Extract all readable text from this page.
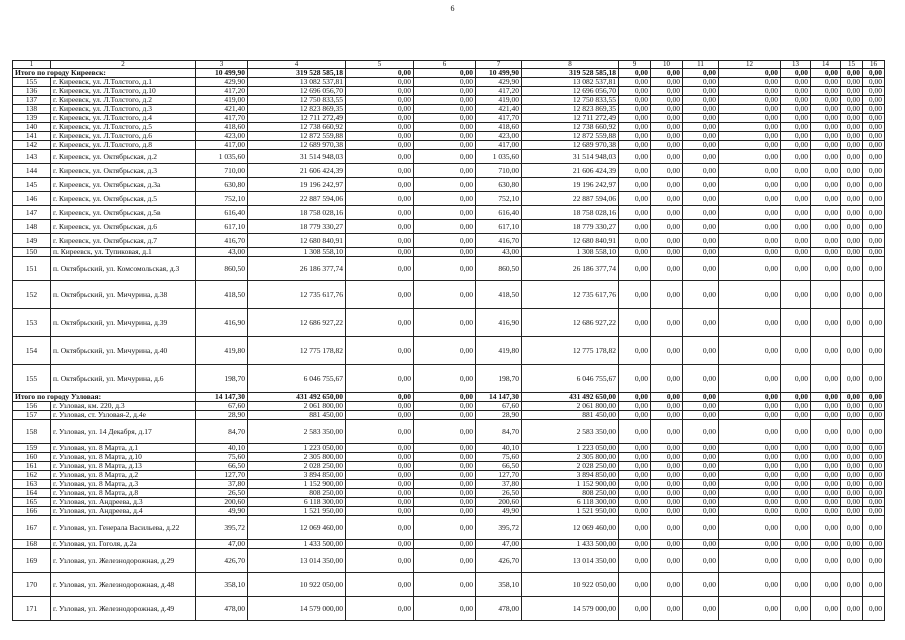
6
1	2	3	4	5	6	7	8	9	10	11	12	13	14	15	16
Итого по городу Киреевск:		10 499,90	319 528 585,18	0,00	0,00	10 499,90	319 528 585,18	0,00	0,00	0,00	0,00	0,00	0,00	0,00	0,00
155	г. Киреевск, ул. Л.Толстого, д.1	429,90	13 082 537,81	0,00	0,00	429,90	13 082 537,81	0,00	0,00	0,00	0,00	0,00	0,00	0,00	0,00
136	г. Киреевск, ул. Л.Толстого, д.10	417,20	12 696 056,70	0,00	0,00	417,20	12 696 056,70	0,00	0,00	0,00	0,00	0,00	0,00	0,00	0,00
137	г. Киреевск, ул. Л.Толстого, д.2	419,00	12 750 833,55	0,00	0,00	419,00	12 750 833,55	0,00	0,00	0,00	0,00	0,00	0,00	0,00	0,00
138	г. Киреевск, ул. Л.Толстого, д.3	421,40	12 823 869,35	0,00	0,00	421,40	12 823 869,35	0,00	0,00	0,00	0,00	0,00	0,00	0,00	0,00
139	г. Киреевск, ул. Л.Толстого, д.4	417,70	12 711 272,49	0,00	0,00	417,70	12 711 272,49	0,00	0,00	0,00	0,00	0,00	0,00	0,00	0,00
140	г. Киреевск, ул. Л.Толстого, д.5	418,60	12 738 660,92	0,00	0,00	418,60	12 738 660,92	0,00	0,00	0,00	0,00	0,00	0,00	0,00	0,00
141	г. Киреевск, ул. Л.Толстого, д.6	423,00	12 872 559,88	0,00	0,00	423,00	12 872 559,88	0,00	0,00	0,00	0,00	0,00	0,00	0,00	0,00
142	г. Киреевск, ул. Л.Толстого, д.8	417,00	12 689 970,38	0,00	0,00	417,00	12 689 970,38	0,00	0,00	0,00	0,00	0,00	0,00	0,00	0,00
143	г. Киреевск, ул. Октябрьская, д.2	1 035,60	31 514 948,03	0,00	0,00	1 035,60	31 514 948,03	0,00	0,00	0,00	0,00	0,00	0,00	0,00	0,00
144	г. Киреевск, ул. Октябрьская, д.3	710,00	21 606 424,39	0,00	0,00	710,00	21 606 424,39	0,00	0,00	0,00	0,00	0,00	0,00	0,00	0,00
145	г. Киреевск, ул. Октябрьская, д.3а	630,80	19 196 242,97	0,00	0,00	630,80	19 196 242,97	0,00	0,00	0,00	0,00	0,00	0,00	0,00	0,00
146	г. Киреевск, ул. Октябрьская, д.5	752,10	22 887 594,06	0,00	0,00	752,10	22 887 594,06	0,00	0,00	0,00	0,00	0,00	0,00	0,00	0,00
147	г. Киреевск, ул. Октябрьская, д.5в	616,40	18 758 028,16	0,00	0,00	616,40	18 758 028,16	0,00	0,00	0,00	0,00	0,00	0,00	0,00	0,00
148	г. Киреевск, ул. Октябрьская, д.6	617,10	18 779 330,27	0,00	0,00	617,10	18 779 330,27	0,00	0,00	0,00	0,00	0,00	0,00	0,00	0,00
149	г. Киреевск, ул. Октябрьская, д.7	416,70	12 680 840,91	0,00	0,00	416,70	12 680 840,91	0,00	0,00	0,00	0,00	0,00	0,00	0,00	0,00
150	п. Киреевск, ул. Тупиковая, д.1	43,00	1 308 558,10	0,00	0,00	43,00	1 308 558,10	0,00	0,00	0,00	0,00	0,00	0,00	0,00	0,00
151	п. Октябрьский, ул. Комсомольская, д.3	860,50	26 186 377,74	0,00	0,00	860,50	26 186 377,74	0,00	0,00	0,00	0,00	0,00	0,00	0,00	0,00
152	п. Октябрьский, ул. Мичурина, д.38	418,50	12 735 617,76	0,00	0,00	418,50	12 735 617,76	0,00	0,00	0,00	0,00	0,00	0,00	0,00	0,00
153	п. Октябрьский, ул. Мичурина, д.39	416,90	12 686 927,22	0,00	0,00	416,90	12 686 927,22	0,00	0,00	0,00	0,00	0,00	0,00	0,00	0,00
154	п. Октябрьский, ул. Мичурина, д.40	419,80	12 775 178,82	0,00	0,00	419,80	12 775 178,82	0,00	0,00	0,00	0,00	0,00	0,00	0,00	0,00
155	п. Октябрьский, ул. Мичурина, д.6	198,70	6 046 755,67	0,00	0,00	198,70	6 046 755,67	0,00	0,00	0,00	0,00	0,00	0,00	0,00	0,00
Итого по городу Узловая:		14 147,30	431 492 650,00	0,00	0,00	14 147,30	431 492 650,00	0,00	0,00	0,00	0,00	0,00	0,00	0,00	0,00
156	г. Узловая, км. 220, д.3	67,60	2 061 800,00	0,00	0,00	67,60	2 061 800,00	0,00	0,00	0,00	0,00	0,00	0,00	0,00	0,00
157	г. Узловая, ст. Узловая-2, д.4е	28,90	881 450,00	0,00	0,00	28,90	881 450,00	0,00	0,00	0,00	0,00	0,00	0,00	0,00	0,00
158	г. Узловая, ул. 14 Декабря, д.17	84,70	2 583 350,00	0,00	0,00	84,70	2 583 350,00	0,00	0,00	0,00	0,00	0,00	0,00	0,00	0,00
159	г. Узловая, ул. 8 Марта, д.1	40,10	1 223 050,00	0,00	0,00	40,10	1 223 050,00	0,00	0,00	0,00	0,00	0,00	0,00	0,00	0,00
160	г. Узловая, ул. 8 Марта, д.10	75,60	2 305 800,00	0,00	0,00	75,60	2 305 800,00	0,00	0,00	0,00	0,00	0,00	0,00	0,00	0,00
161	г. Узловая, ул. 8 Марта, д.13	66,50	2 028 250,00	0,00	0,00	66,50	2 028 250,00	0,00	0,00	0,00	0,00	0,00	0,00	0,00	0,00
162	г. Узловая, ул. 8 Марта, д.2	127,70	3 894 850,00	0,00	0,00	127,70	3 894 850,00	0,00	0,00	0,00	0,00	0,00	0,00	0,00	0,00
163	г. Узловая, ул. 8 Марта, д.3	37,80	1 152 900,00	0,00	0,00	37,80	1 152 900,00	0,00	0,00	0,00	0,00	0,00	0,00	0,00	0,00
164	г. Узловая, ул. 8 Марта, д.8	26,50	808 250,00	0,00	0,00	26,50	808 250,00	0,00	0,00	0,00	0,00	0,00	0,00	0,00	0,00
165	г. Узловая, ул. Андреева, д.3	200,60	6 118 300,00	0,00	0,00	200,60	6 118 300,00	0,00	0,00	0,00	0,00	0,00	0,00	0,00	0,00
166	г. Узловая, ул. Андреева, д.4	49,90	1 521 950,00	0,00	0,00	49,90	1 521 950,00	0,00	0,00	0,00	0,00	0,00	0,00	0,00	0,00
167	г. Узловая, ул. Генерала Васильева, д.22	395,72	12 069 460,00	0,00	0,00	395,72	12 069 460,00	0,00	0,00	0,00	0,00	0,00	0,00	0,00	0,00
168	г. Узловая, ул. Гоголя, д.2а	47,00	1 433 500,00	0,00	0,00	47,00	1 433 500,00	0,00	0,00	0,00	0,00	0,00	0,00	0,00	0,00
169	г. Узловая, ул. Железнодорожная, д.29	426,70	13 014 350,00	0,00	0,00	426,70	13 014 350,00	0,00	0,00	0,00	0,00	0,00	0,00	0,00	0,00
170	г. Узловая, ул. Железнодорожная, д.48	358,10	10 922 050,00	0,00	0,00	358,10	10 922 050,00	0,00	0,00	0,00	0,00	0,00	0,00	0,00	0,00
171	г. Узловая, ул. Железнодорожная, д.49	478,00	14 579 000,00	0,00	0,00	478,00	14 579 000,00	0,00	0,00	0,00	0,00	0,00	0,00	0,00	0,00
